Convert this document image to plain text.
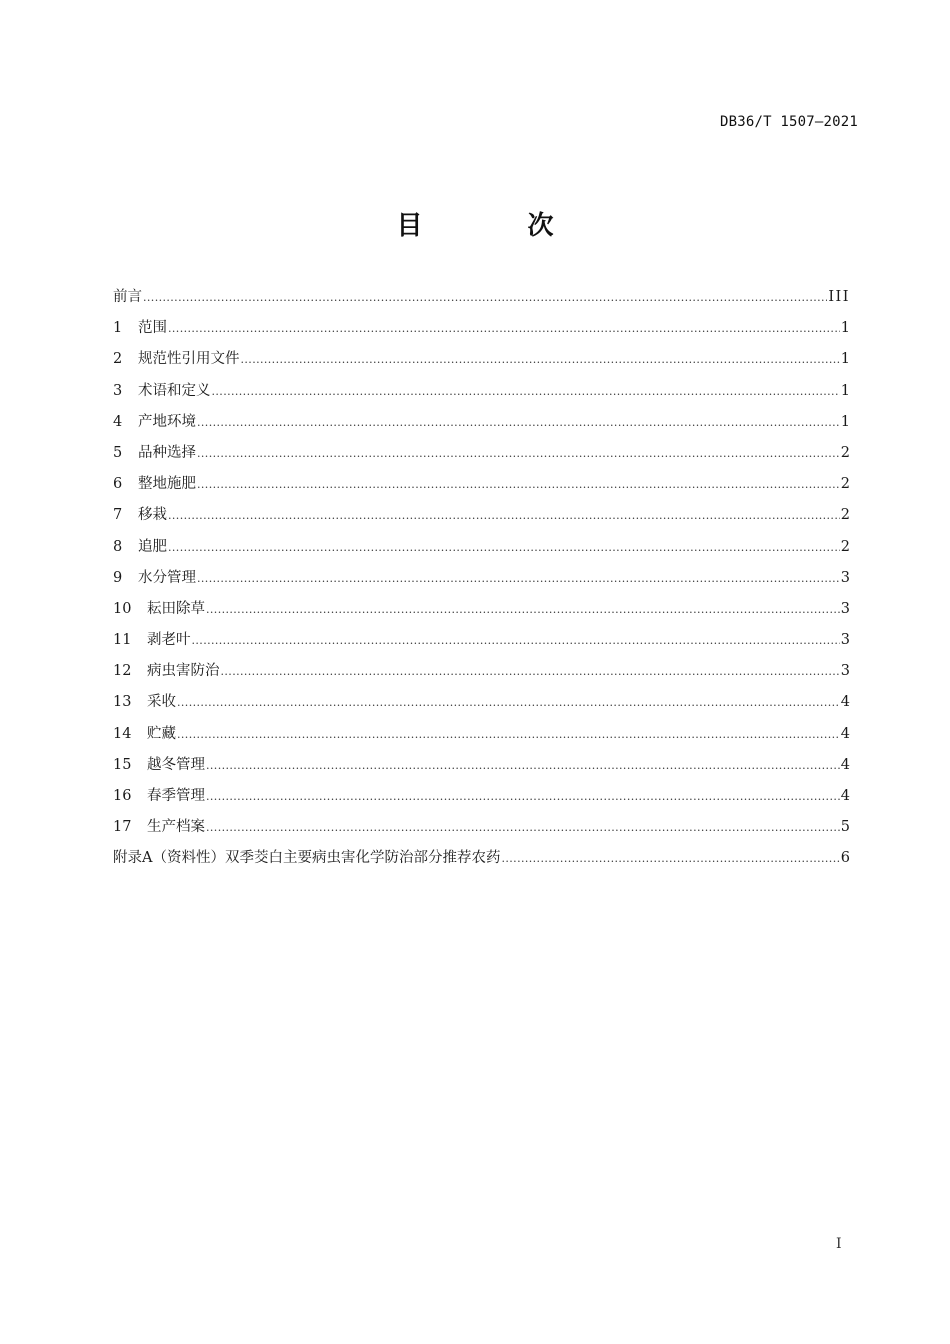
DB36/T 1507—2021
目 次
前言 .....	III
1	范围 .....	1
2	规范性引用文件 .....	1
3	术语和定义 .....	1
4	产地环境 .....	1
5	品种选择 .....	2
6	整地施肥 .....	2
7	移栽 .....	2
8	追肥 .....	2
9	水分管理 .....	3
10	耘田除草 .....	3
11	剥老叶 .....	3
12	病虫害防治 .....	3
13	采收 .....	4
14	贮藏 .....	4
15	越冬管理 .....	4
16	春季管理 .....	4
17	生产档案 .....	5
附录A（资料性）双季茭白主要病虫害化学防治部分推荐农药 .....	6
I
